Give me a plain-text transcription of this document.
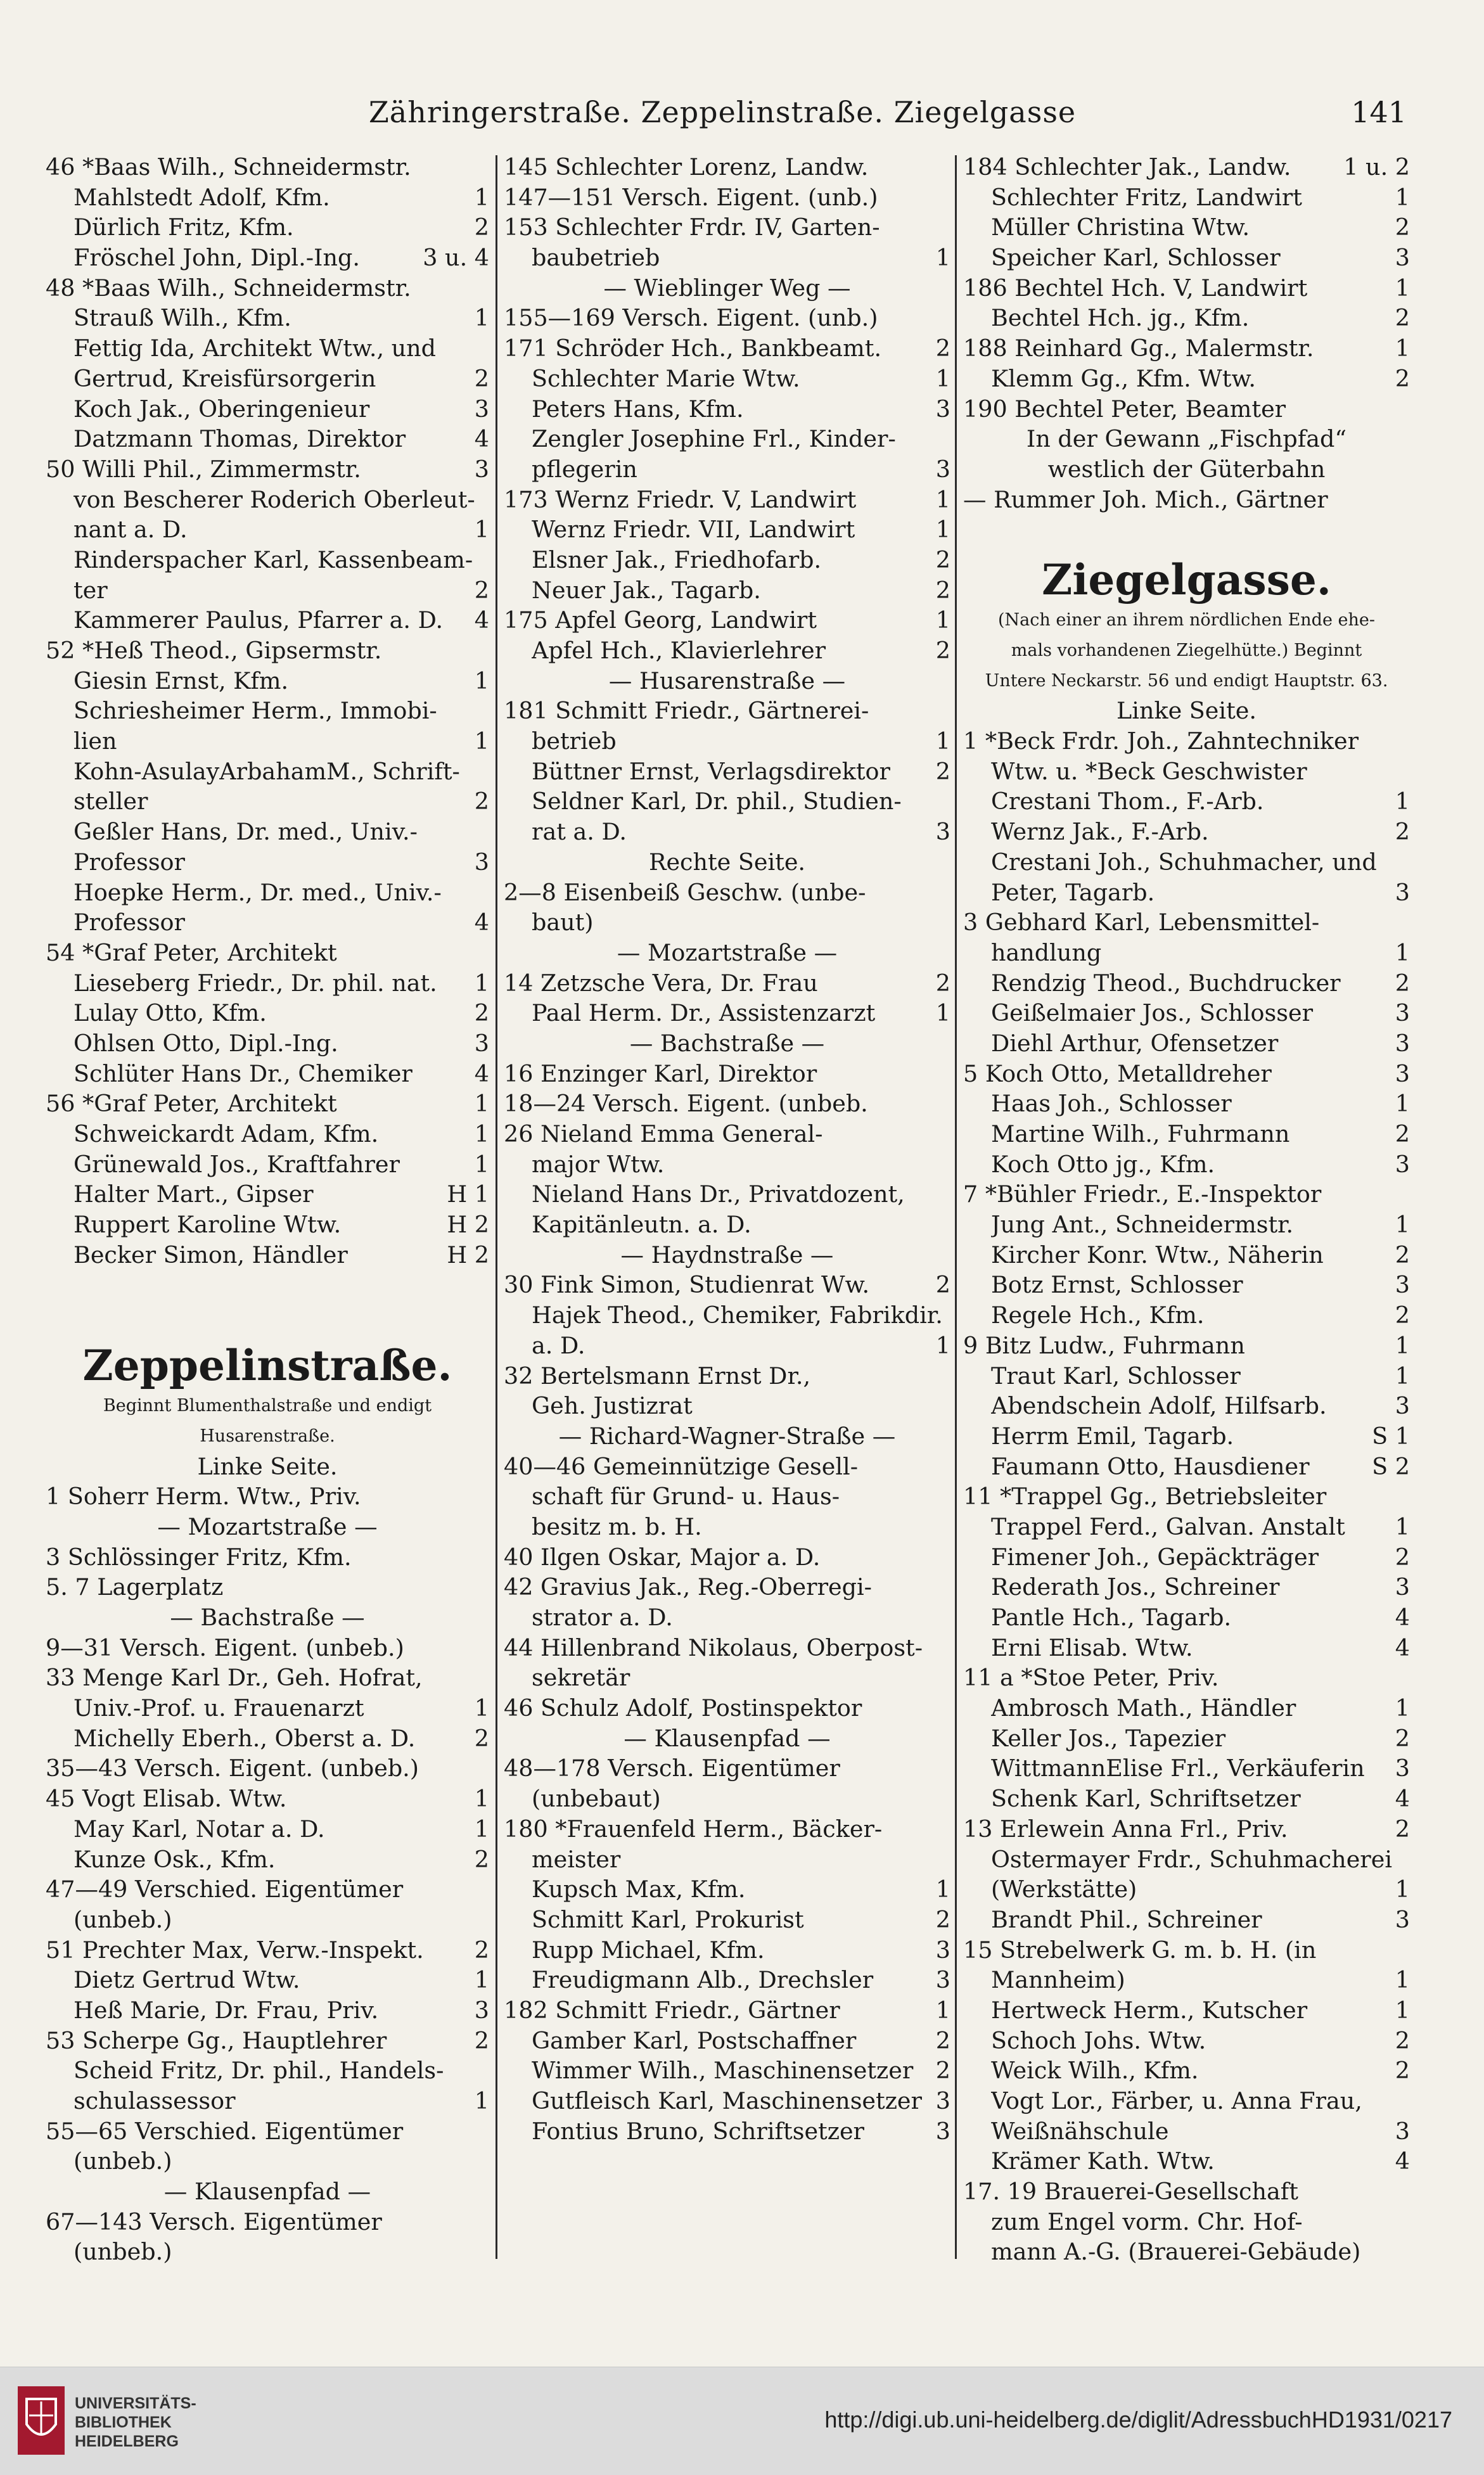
Zähringerstraße. Zeppelinstraße. Ziegelgasse	141
46 *Baas Wilh., Schneidermstr.
Mahlstedt Adolf, Kfm.	1
Dürlich Fritz, Kfm.	2
Fröschel John, Dipl.-Ing.	3 u. 4
48 *Baas Wilh., Schneidermstr.
Strauß Wilh., Kfm.	1
Fettig Ida, Architekt Wtw., und
Gertrud, Kreisfürsorgerin	2
Koch Jak., Oberingenieur	3
Datzmann Thomas, Direktor	4
50 Willi Phil., Zimmermstr.	3
von Bescherer Roderich Oberleut-
nant a. D.	1
Rinderspacher Karl, Kassenbeam-
ter	2
Kammerer Paulus, Pfarrer a. D.	4
52 *Heß Theod., Gipsermstr.
Giesin Ernst, Kfm.	1
Schriesheimer Herm., Immobi-
lien	1
Kohn-AsulayArbahamM., Schrift-
steller	2
Geßler Hans, Dr. med., Univ.-
Professor	3
Hoepke Herm., Dr. med., Univ.-
Professor	4
54 *Graf Peter, Architekt
Lieseberg Friedr., Dr. phil. nat.	1
Lulay Otto, Kfm.	2
Ohlsen Otto, Dipl.-Ing.	3
Schlüter Hans Dr., Chemiker	4
56 *Graf Peter, Architekt	1
Schweickardt Adam, Kfm.	1
Grünewald Jos., Kraftfahrer	1
Halter Mart., Gipser	H 1
Ruppert Karoline Wtw.	H 2
Becker Simon, Händler	H 2
Zeppelinstraße.
Beginnt Blumenthalstraße und endigt
Husarenstraße.
Linke Seite.
1 Soherr Herm. Wtw., Priv.
— Mozartstraße —
3 Schlössinger Fritz, Kfm.
5. 7 Lagerplatz
— Bachstraße —
9—31 Versch. Eigent. (unbeb.)
33 Menge Karl Dr., Geh. Hofrat,
Univ.-Prof. u. Frauenarzt	1
Michelly Eberh., Oberst a. D.	2
35—43 Versch. Eigent. (unbeb.)
45 Vogt Elisab. Wtw.	1
May Karl, Notar a. D.	1
Kunze Osk., Kfm.	2
47—49 Verschied. Eigentümer
(unbeb.)
51 Prechter Max, Verw.-Inspekt.	2
Dietz Gertrud Wtw.	1
Heß Marie, Dr. Frau, Priv.	3
53 Scherpe Gg., Hauptlehrer	2
Scheid Fritz, Dr. phil., Handels-
schulassessor	1
55—65 Verschied. Eigentümer
(unbeb.)
— Klausenpfad —
67—143 Versch. Eigentümer
(unbeb.)
145 Schlechter Lorenz, Landw.
147—151 Versch. Eigent. (unb.)
153 Schlechter Frdr. IV, Garten-
baubetrieb	1
— Wieblinger Weg —
155—169 Versch. Eigent. (unb.)
171 Schröder Hch., Bankbeamt.	2
Schlechter Marie Wtw.	1
Peters Hans, Kfm.	3
Zengler Josephine Frl., Kinder-
pflegerin	3
173 Wernz Friedr. V, Landwirt	1
Wernz Friedr. VII, Landwirt	1
Elsner Jak., Friedhofarb.	2
Neuer Jak., Tagarb.	2
175 Apfel Georg, Landwirt	1
Apfel Hch., Klavierlehrer	2
— Husarenstraße —
181 Schmitt Friedr., Gärtnerei-
betrieb	1
Büttner Ernst, Verlagsdirektor	2
Seldner Karl, Dr. phil., Studien-
rat a. D.	3
Rechte Seite.
2—8 Eisenbeiß Geschw. (unbe-
baut)
— Mozartstraße —
14 Zetzsche Vera, Dr. Frau	2
Paal Herm. Dr., Assistenzarzt	1
— Bachstraße —
16 Enzinger Karl, Direktor
18—24 Versch. Eigent. (unbeb.
26 Nieland Emma General-
major Wtw.
Nieland Hans Dr., Privatdozent,
Kapitänleutn. a. D.
— Haydnstraße —
30 Fink Simon, Studienrat Ww.	2
Hajek Theod., Chemiker, Fabrikdir.
a. D.	1
32 Bertelsmann Ernst Dr.,
Geh. Justizrat
— Richard-Wagner-Straße —
40—46 Gemeinnützige Gesell-
schaft für Grund- u. Haus-
besitz m. b. H.
40 Ilgen Oskar, Major a. D.
42 Gravius Jak., Reg.-Oberregi-
strator a. D.
44 Hillenbrand Nikolaus, Oberpost-
sekretär
46 Schulz Adolf, Postinspektor
— Klausenpfad —
48—178 Versch. Eigentümer
(unbebaut)
180 *Frauenfeld Herm., Bäcker-
meister
Kupsch Max, Kfm.	1
Schmitt Karl, Prokurist	2
Rupp Michael, Kfm.	3
Freudigmann Alb., Drechsler	3
182 Schmitt Friedr., Gärtner	1
Gamber Karl, Postschaffner	2
Wimmer Wilh., Maschinensetzer 2
Gutfleisch Karl, Maschinensetzer 3
Fontius Bruno, Schriftsetzer	3
184 Schlechter Jak., Landw.	1 u. 2
Schlechter Fritz, Landwirt	1
Müller Christina Wtw.	2
Speicher Karl, Schlosser	3
186 Bechtel Hch. V, Landwirt	1
Bechtel Hch. jg., Kfm.	2
188 Reinhard Gg., Malermstr.	1
Klemm Gg., Kfm. Wtw.	2
190 Bechtel Peter, Beamter
In der Gewann „Fischpfad“
westlich der Güterbahn
— Rummer Joh. Mich., Gärtner
Ziegelgasse.
(Nach einer an ihrem nördlichen Ende ehe-
mals vorhandenen Ziegelhütte.) Beginnt
Untere Neckarstr. 56 und endigt Hauptstr. 63.
Linke Seite.
1 *Beck Frdr. Joh., Zahntechniker
Wtw. u. *Beck Geschwister
Crestani Thom., F.-Arb.	1
Wernz Jak., F.-Arb.	2
Crestani Joh., Schuhmacher, und
Peter, Tagarb.	3
3 Gebhard Karl, Lebensmittel-
handlung	1
Rendzig Theod., Buchdrucker	2
Geißelmaier Jos., Schlosser	3
Diehl Arthur, Ofensetzer	3
5 Koch Otto, Metalldreher	3
Haas Joh., Schlosser	1
Martine Wilh., Fuhrmann	2
Koch Otto jg., Kfm.	3
7 *Bühler Friedr., E.-Inspektor
Jung Ant., Schneidermstr.	1
Kircher Konr. Wtw., Näherin	2
Botz Ernst, Schlosser	3
Regele Hch., Kfm.	2
9 Bitz Ludw., Fuhrmann	1
Traut Karl, Schlosser	1
Abendschein Adolf, Hilfsarb.	3
Herrm Emil, Tagarb.	S 1
Faumann Otto, Hausdiener	S 2
11 *Trappel Gg., Betriebsleiter
Trappel Ferd., Galvan. Anstalt	1
Fimener Joh., Gepäckträger	2
Rederath Jos., Schreiner	3
Pantle Hch., Tagarb.	4
Erni Elisab. Wtw.	4
11 a *Stoe Peter, Priv.
Ambrosch Math., Händler	1
Keller Jos., Tapezier	2
WittmannElise Frl., Verkäuferin	3
Schenk Karl, Schriftsetzer	4
13 Erlewein Anna Frl., Priv.	2
Ostermayer Frdr., Schuhmacherei
(Werkstätte)	1
Brandt Phil., Schreiner	3
15 Strebelwerk G. m. b. H. (in
Mannheim)	1
Hertweck Herm., Kutscher	1
Schoch Johs. Wtw.	2
Weick Wilh., Kfm.	2
Vogt Lor., Färber, u. Anna Frau,
Weißnähschule	3
Krämer Kath. Wtw.	4
17. 19 Brauerei-Gesellschaft
zum Engel vorm. Chr. Hof-
mann A.-G. (Brauerei-Gebäude)
UNIVERSITÄTS-
BIBLIOTHEK
HEIDELBERG
http://digi.ub.uni-heidelberg.de/diglit/AdressbuchHD1931/0217
